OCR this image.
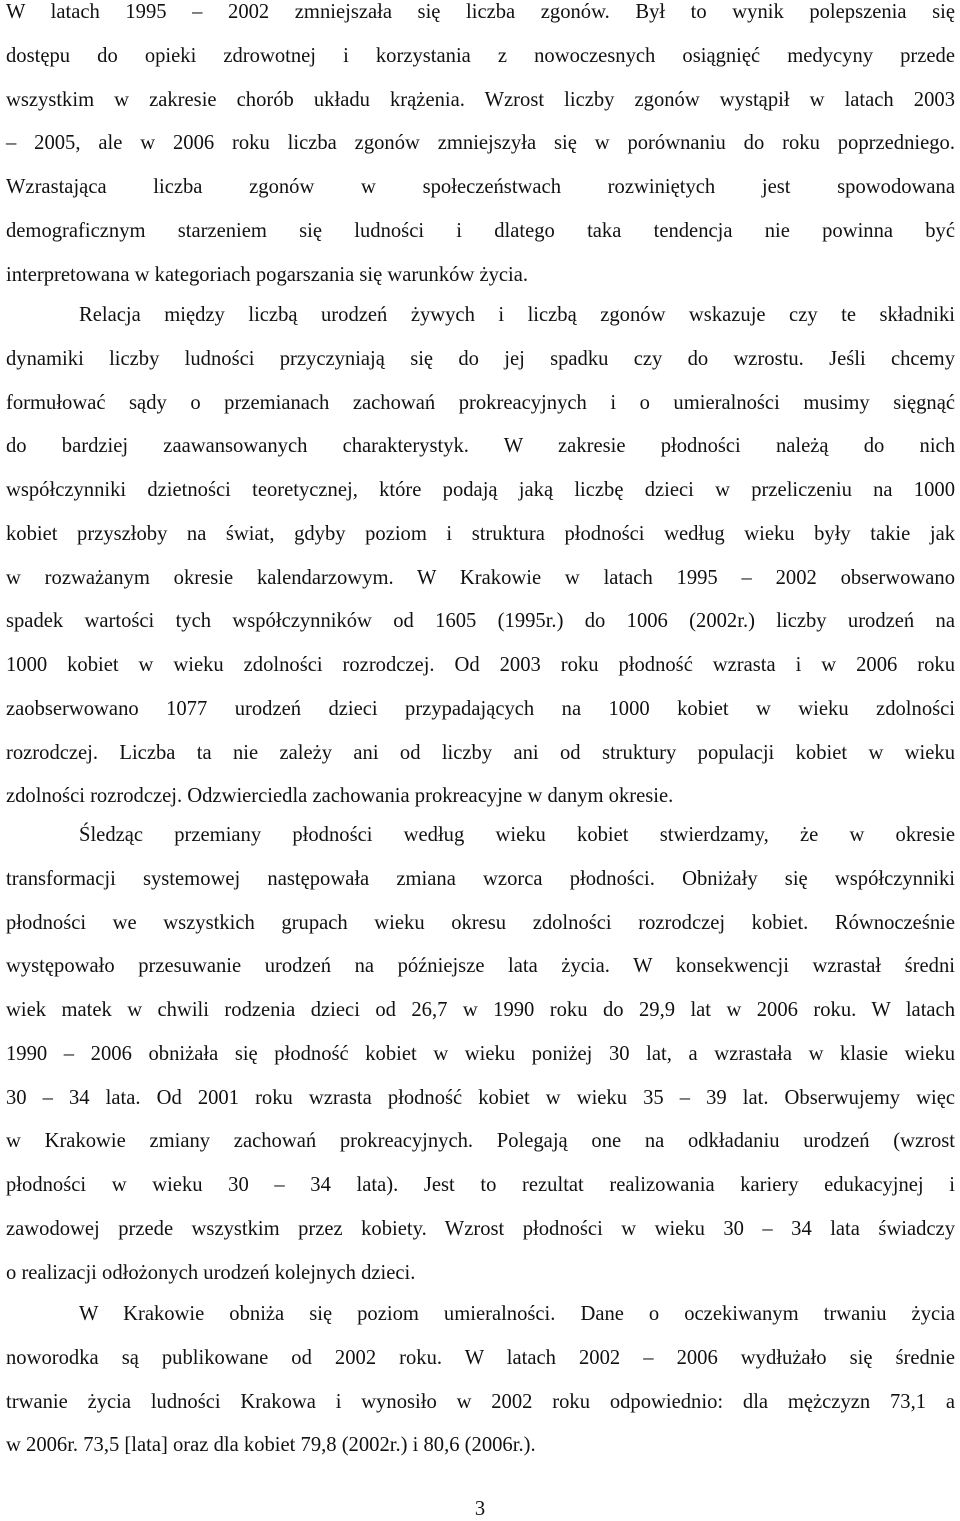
W latach 1995 – 2002 zmniejszała się liczba zgonów. Był to wynik polepszenia się
dostępu do opieki zdrowotnej i korzystania z nowoczesnych osiągnięć medycyny przede
wszystkim w zakresie chorób układu krążenia. Wzrost liczby zgonów wystąpił w latach 2003
– 2005, ale w 2006 roku liczba zgonów zmniejszyła się w porównaniu do roku poprzedniego.
Wzrastająca liczba zgonów w społeczeństwach rozwiniętych jest spowodowana
demograficznym starzeniem się ludności i dlatego taka tendencja nie powinna być
interpretowana w kategoriach pogarszania się warunków życia.
Relacja między liczbą urodzeń żywych i liczbą zgonów wskazuje czy te składniki
dynamiki liczby ludności przyczyniają się do jej spadku czy do wzrostu. Jeśli chcemy
formułować sądy o przemianach zachowań prokreacyjnych i o umieralności musimy sięgnąć
do bardziej zaawansowanych charakterystyk. W zakresie płodności należą do nich
współczynniki dzietności teoretycznej, które podają jaką liczbę dzieci w przeliczeniu na 1000
kobiet przyszłoby na świat, gdyby poziom i struktura płodności według wieku były takie jak
w rozważanym okresie kalendarzowym. W Krakowie w latach 1995 – 2002 obserwowano
spadek wartości tych współczynników od 1605 (1995r.) do 1006 (2002r.) liczby urodzeń na
1000 kobiet w wieku zdolności rozrodczej. Od 2003 roku płodność wzrasta i w 2006 roku
zaobserwowano 1077 urodzeń dzieci przypadających na 1000 kobiet w wieku zdolności
rozrodczej. Liczba ta nie zależy ani od liczby ani od struktury populacji kobiet w wieku
zdolności rozrodczej. Odzwierciedla zachowania prokreacyjne w danym okresie.
Śledząc przemiany płodności według wieku kobiet stwierdzamy, że w okresie
transformacji systemowej następowała zmiana wzorca płodności. Obniżały się współczynniki
płodności we wszystkich grupach wieku okresu zdolności rozrodczej kobiet. Równocześnie
występowało przesuwanie urodzeń na późniejsze lata życia. W konsekwencji wzrastał średni
wiek matek w chwili rodzenia dzieci od 26,7 w 1990 roku do 29,9 lat w 2006 roku. W latach
1990 – 2006 obniżała się płodność kobiet w wieku poniżej 30 lat, a wzrastała w klasie wieku
30 – 34 lata. Od 2001 roku wzrasta płodność kobiet w wieku 35 – 39 lat. Obserwujemy więc
w Krakowie zmiany zachowań prokreacyjnych. Polegają one na odkładaniu urodzeń (wzrost
płodności w wieku 30 – 34 lata). Jest to rezultat realizowania kariery edukacyjnej i
zawodowej przede wszystkim przez kobiety. Wzrost płodności w wieku 30 – 34 lata świadczy
o realizacji odłożonych urodzeń kolejnych dzieci.
W Krakowie obniża się poziom umieralności. Dane o oczekiwanym trwaniu życia
noworodka są publikowane od 2002 roku. W latach 2002 – 2006 wydłużało się średnie
trwanie życia ludności Krakowa i wynosiło w 2002 roku odpowiednio: dla mężczyzn 73,1 a
w 2006r. 73,5 [lata] oraz dla kobiet 79,8 (2002r.) i 80,6 (2006r.).
3
